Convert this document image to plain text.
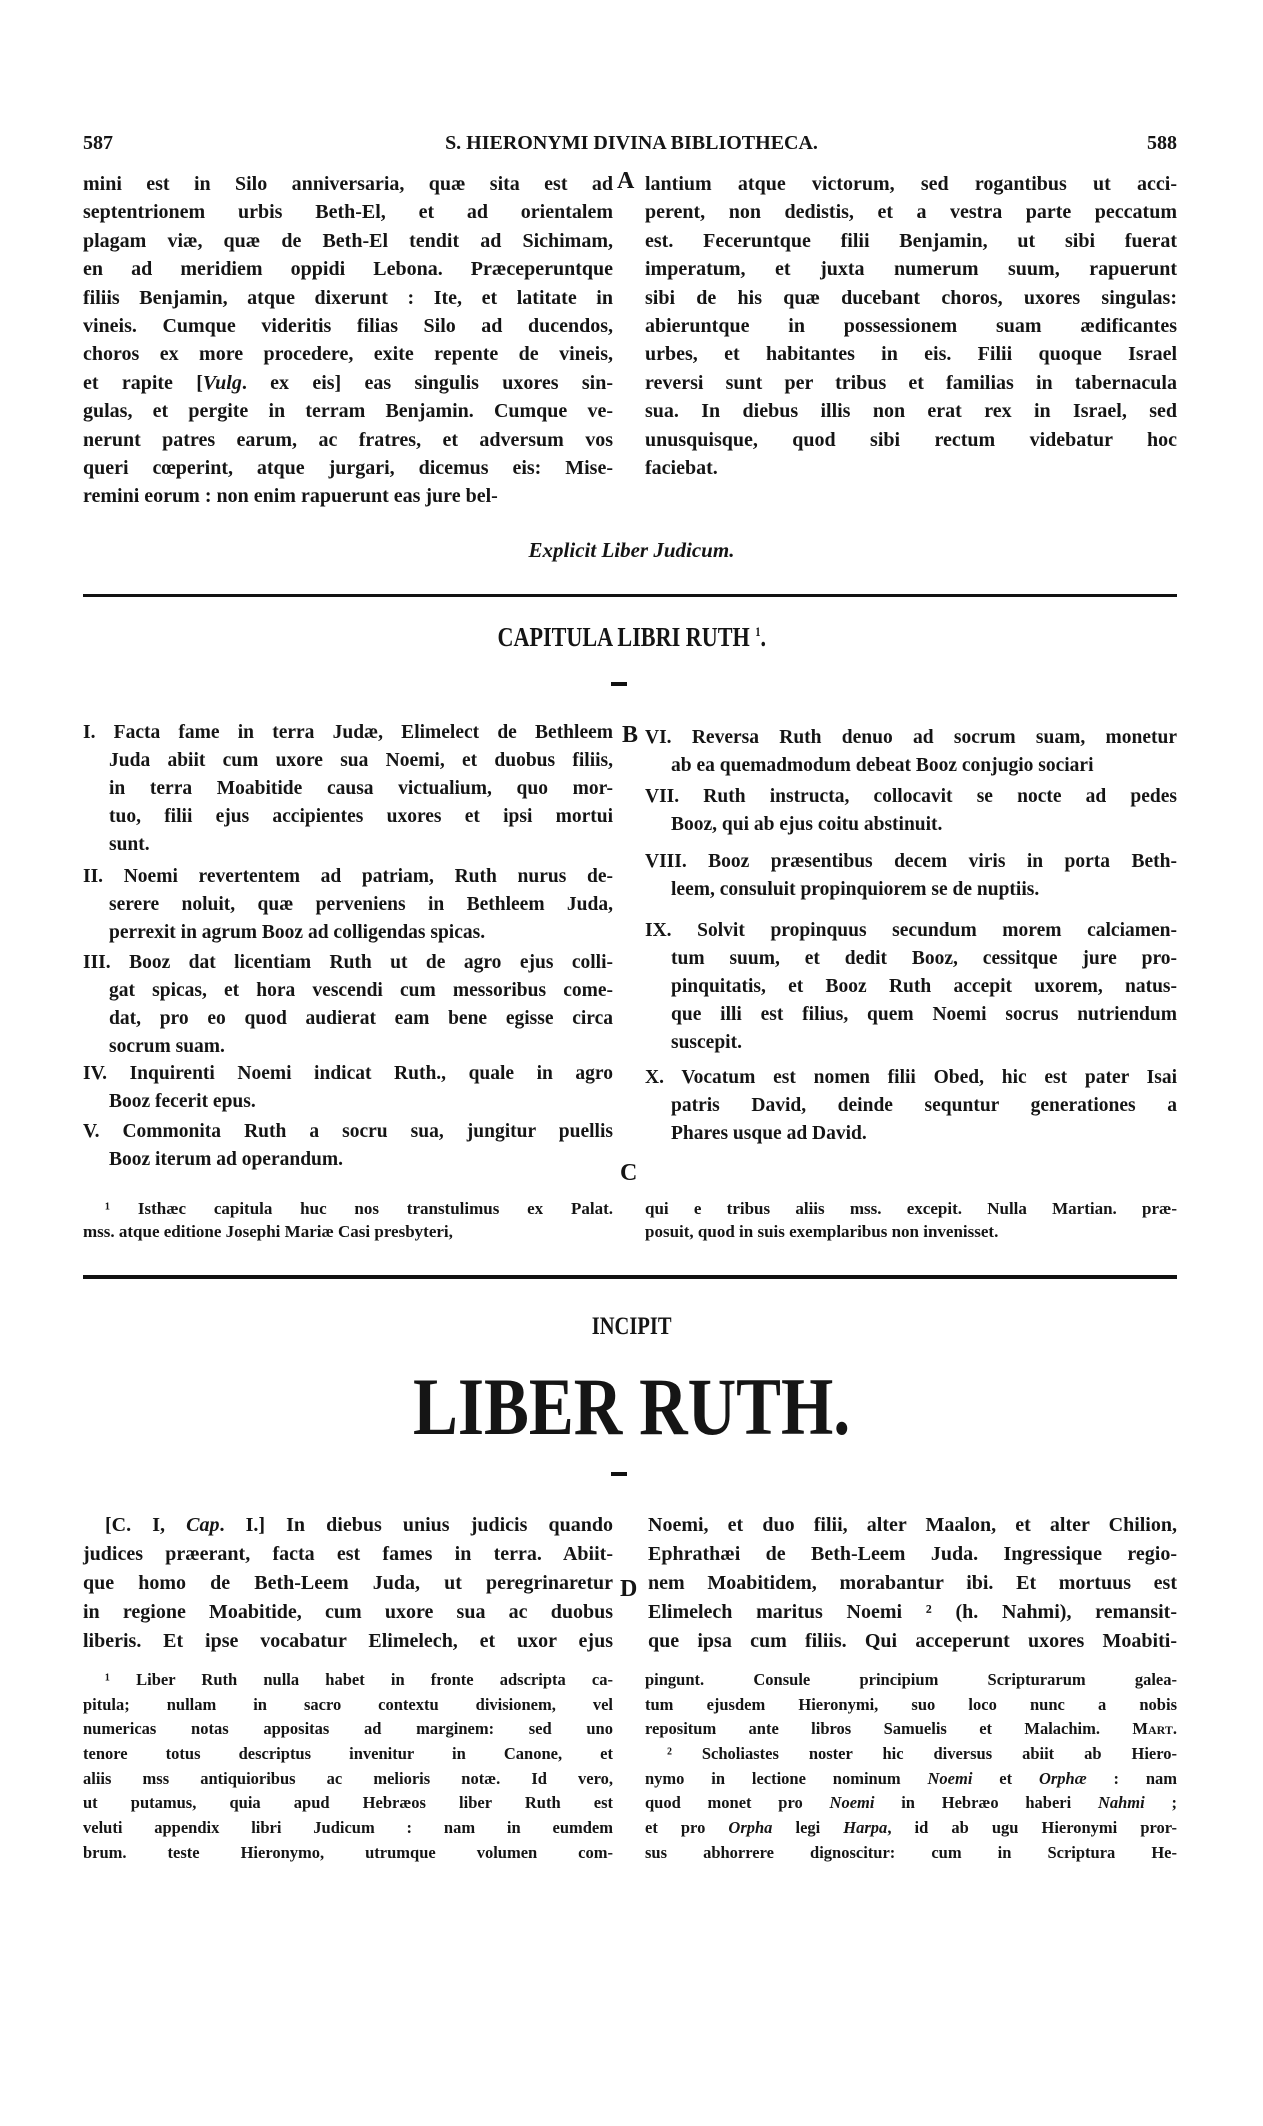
587	S. HIERONYMI DIVINA BIBLIOTHECA.	588
mini est in Silo anniversaria, quæ sita est ad
septentrionem urbis Beth-El, et ad orientalem
plagam viæ, quæ de Beth-El tendit ad Sichimam,
en ad meridiem oppidi Lebona. Præceperuntque
filiis Benjamin, atque dixerunt : Ite, et latitate in
vineis. Cumque videritis filias Silo ad ducendos,
choros ex more procedere, exite repente de vineis,
et rapite [Vulg. ex eis] eas singulis uxores sin-
gulas, et pergite in terram Benjamin. Cumque ve-
nerunt patres earum, ac fratres, et adversum vos
queri cœperint, atque jurgari, dicemus eis: Mise-
remini eorum : non enim rapuerunt eas jure bel-
A lantium atque victorum, sed rogantibus ut acci-
perent, non dedistis, et a vestra parte peccatum
est. Feceruntque filii Benjamin, ut sibi fuerat
imperatum, et juxta numerum suum, rapuerunt
sibi de his quæ ducebant choros, uxores singulas:
abieruntque in possessionem suam ædificantes
urbes, et habitantes in eis. Filii quoque Israel
reversi sunt per tribus et familias in tabernacula
sua. In diebus illis non erat rex in Israel, sed
unusquisque, quod sibi rectum videbatur hoc
faciebat.
Explicit Liber Judicum.
CAPITULA LIBRI RUTH $^1$.
I. Facta fame in terra Judæ, Elimelect de Bethleem
Juda abiit cum uxore sua Noemi, et duobus filiis,
in terra Moabitide causa victualium, quo mor-
tuo, filii ejus accipientes uxores et ipsi mortui
sunt.
II. Noemi revertentem ad patriam, Ruth nurus de-
serere noluit, quæ perveniens in Bethleem Juda,
perrexit in agrum Booz ad colligendas spicas.
III. Booz dat licentiam Ruth ut de agro ejus colli-
gat spicas, et hora vescendi cum messoribus come-
dat, pro eo quod audierat eam bene egisse circa
socrum suam.
IV. Inquirenti Noemi indicat Ruth., quale in agro
Booz fecerit epus.
V. Commonita Ruth a socru sua, jungitur puellis
Booz iterum ad operandum.
VI. Reversa Ruth denuo ad socrum suam, monetur
ab ea quemadmodum debeat Booz conjugio sociari
VII. Ruth instructa, collocavit se nocte ad pedes
Booz, qui ab ejus coitu abstinuit.
VIII. Booz præsentibus decem viris in porta Beth-
leem, consuluit propinquiorem se de nuptiis.
IX. Solvit propinquus secundum morem calciamen-
tum suum, et dedit Booz, cessitque jure pro-
pinquitatis, et Booz Ruth accepit uxorem, natus-
que illi est filius, quem Noemi socrus nutriendum
suscepit.
X. Vocatum est nomen filii Obed, hic est pater Isai
patris David, deinde sequntur generationes a
Phares usque ad David.
B
C
¹ Isthæc capitula huc nos transtulimus ex Palat.
mss. atque editione Josephi Mariæ Casi presbyteri,
qui e tribus aliis mss. excepit. Nulla Martian. præ-
posuit, quod in suis exemplaribus non invenisset.
INCIPIT
LIBER RUTH.
[C. I, Cap. I.] In diebus unius judicis quando
judices præerant, facta est fames in terra. Abiit-
que homo de Beth-Leem Juda, ut peregrinaretur
in regione Moabitide, cum uxore sua ac duobus
liberis. Et ipse vocabatur Elimelech, et uxor ejus
D
Noemi, et duo filii, alter Maalon, et alter Chilion,
Ephrathæi de Beth-Leem Juda. Ingressique regio-
nem Moabitidem, morabantur ibi. Et mortuus est
Elimelech maritus Noemi ² (h. Nahmi), remansit-
que ipsa cum filiis. Qui acceperunt uxores Moabiti-
¹ Liber Ruth nulla habet in fronte adscripta ca-
pitula; nullam in sacro contextu divisionem, vel
numericas notas appositas ad marginem: sed uno
tenore totus descriptus invenitur in Canone, et
aliis mss antiquioribus ac melioris notæ. Id vero,
ut putamus, quia apud Hebræos liber Ruth est
veluti appendix libri Judicum : nam in eumdem
brum. teste Hieronymo, utrumque volumen com-
pingunt. Consule principium Scripturarum galea-
tum ejusdem Hieronymi, suo loco nunc a nobis
repositum ante libros Samuelis et Malachim. Mart.
² Scholiastes noster hic diversus abiit ab Hiero-
nymo in lectione nominum Noemi et Orphæ : nam
quod monet pro Noemi in Hebræo haberi Nahmi ;
et pro Orpha legi Harpa, id ab ugu Hieronymi pror-
sus abhorrere dignoscitur: cum in Scriptura He-
